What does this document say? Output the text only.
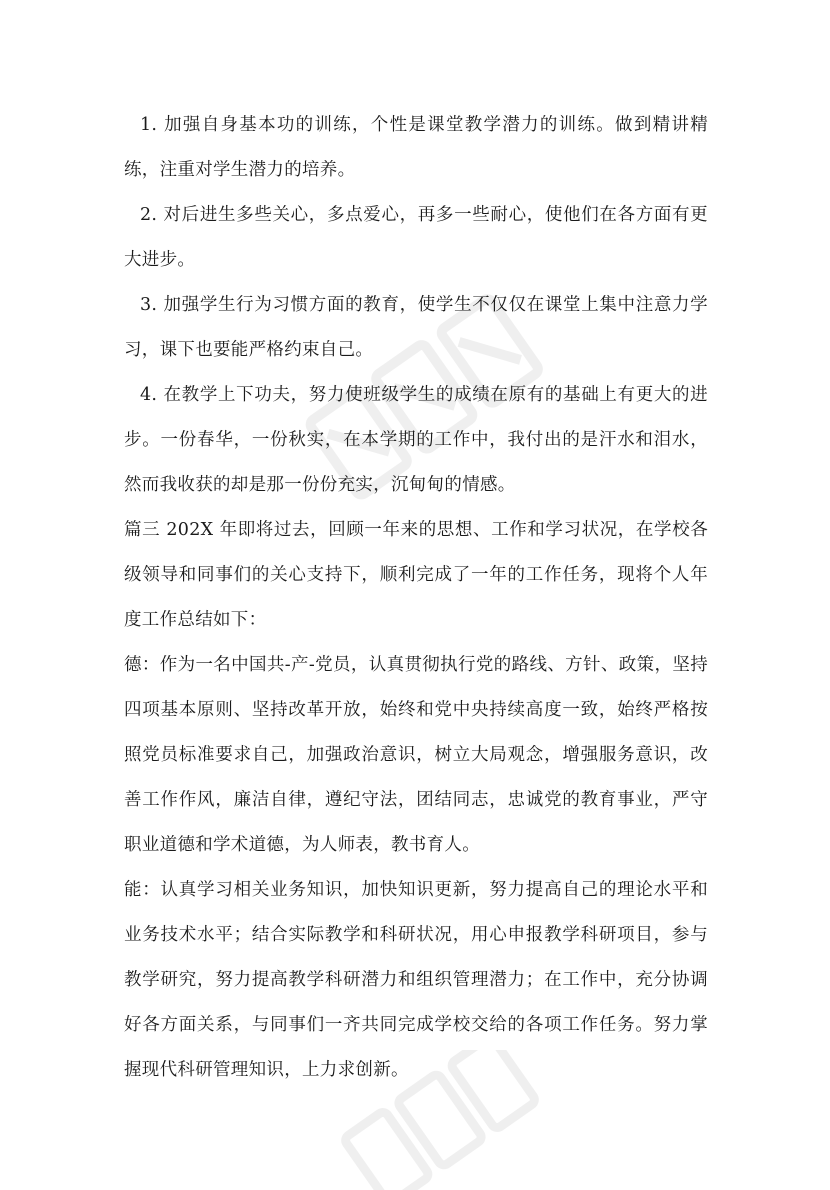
1. 加强自身基本功的训练，个性是课堂教学潜力的训练。做到精讲精练，注重对学生潜力的培养。

2. 对后进生多些关心，多点爱心，再多一些耐心，使他们在各方面有更大进步。

3. 加强学生行为习惯方面的教育，使学生不仅仅在课堂上集中注意力学习，课下也要能严格约束自己。

4. 在教学上下功夫，努力使班级学生的成绩在原有的基础上有更大的进步。一份春华，一份秋实，在本学期的工作中，我付出的是汗水和泪水，然而我收获的却是那一份份充实，沉甸甸的情感。

篇三 202X 年即将过去，回顾一年来的思想、工作和学习状况，在学校各级领导和同事们的关心支持下，顺利完成了一年的工作任务，现将个人年度工作总结如下：

德：作为一名中国共-产-党员，认真贯彻执行党的路线、方针、政策，坚持四项基本原则、坚持改革开放，始终和党中央持续高度一致，始终严格按照党员标准要求自己，加强政治意识，树立大局观念，增强服务意识，改善工作作风，廉洁自律，遵纪守法，团结同志，忠诚党的教育事业，严守职业道德和学术道德，为人师表，教书育人。

能：认真学习相关业务知识，加快知识更新，努力提高自己的理论水平和业务技术水平；结合实际教学和科研状况，用心申报教学科研项目，参与教学研究，努力提高教学科研潜力和组织管理潜力；在工作中，充分协调好各方面关系，与同事们一齐共同完成学校交给的各项工作任务。努力掌握现代科研管理知识，上力求创新。
